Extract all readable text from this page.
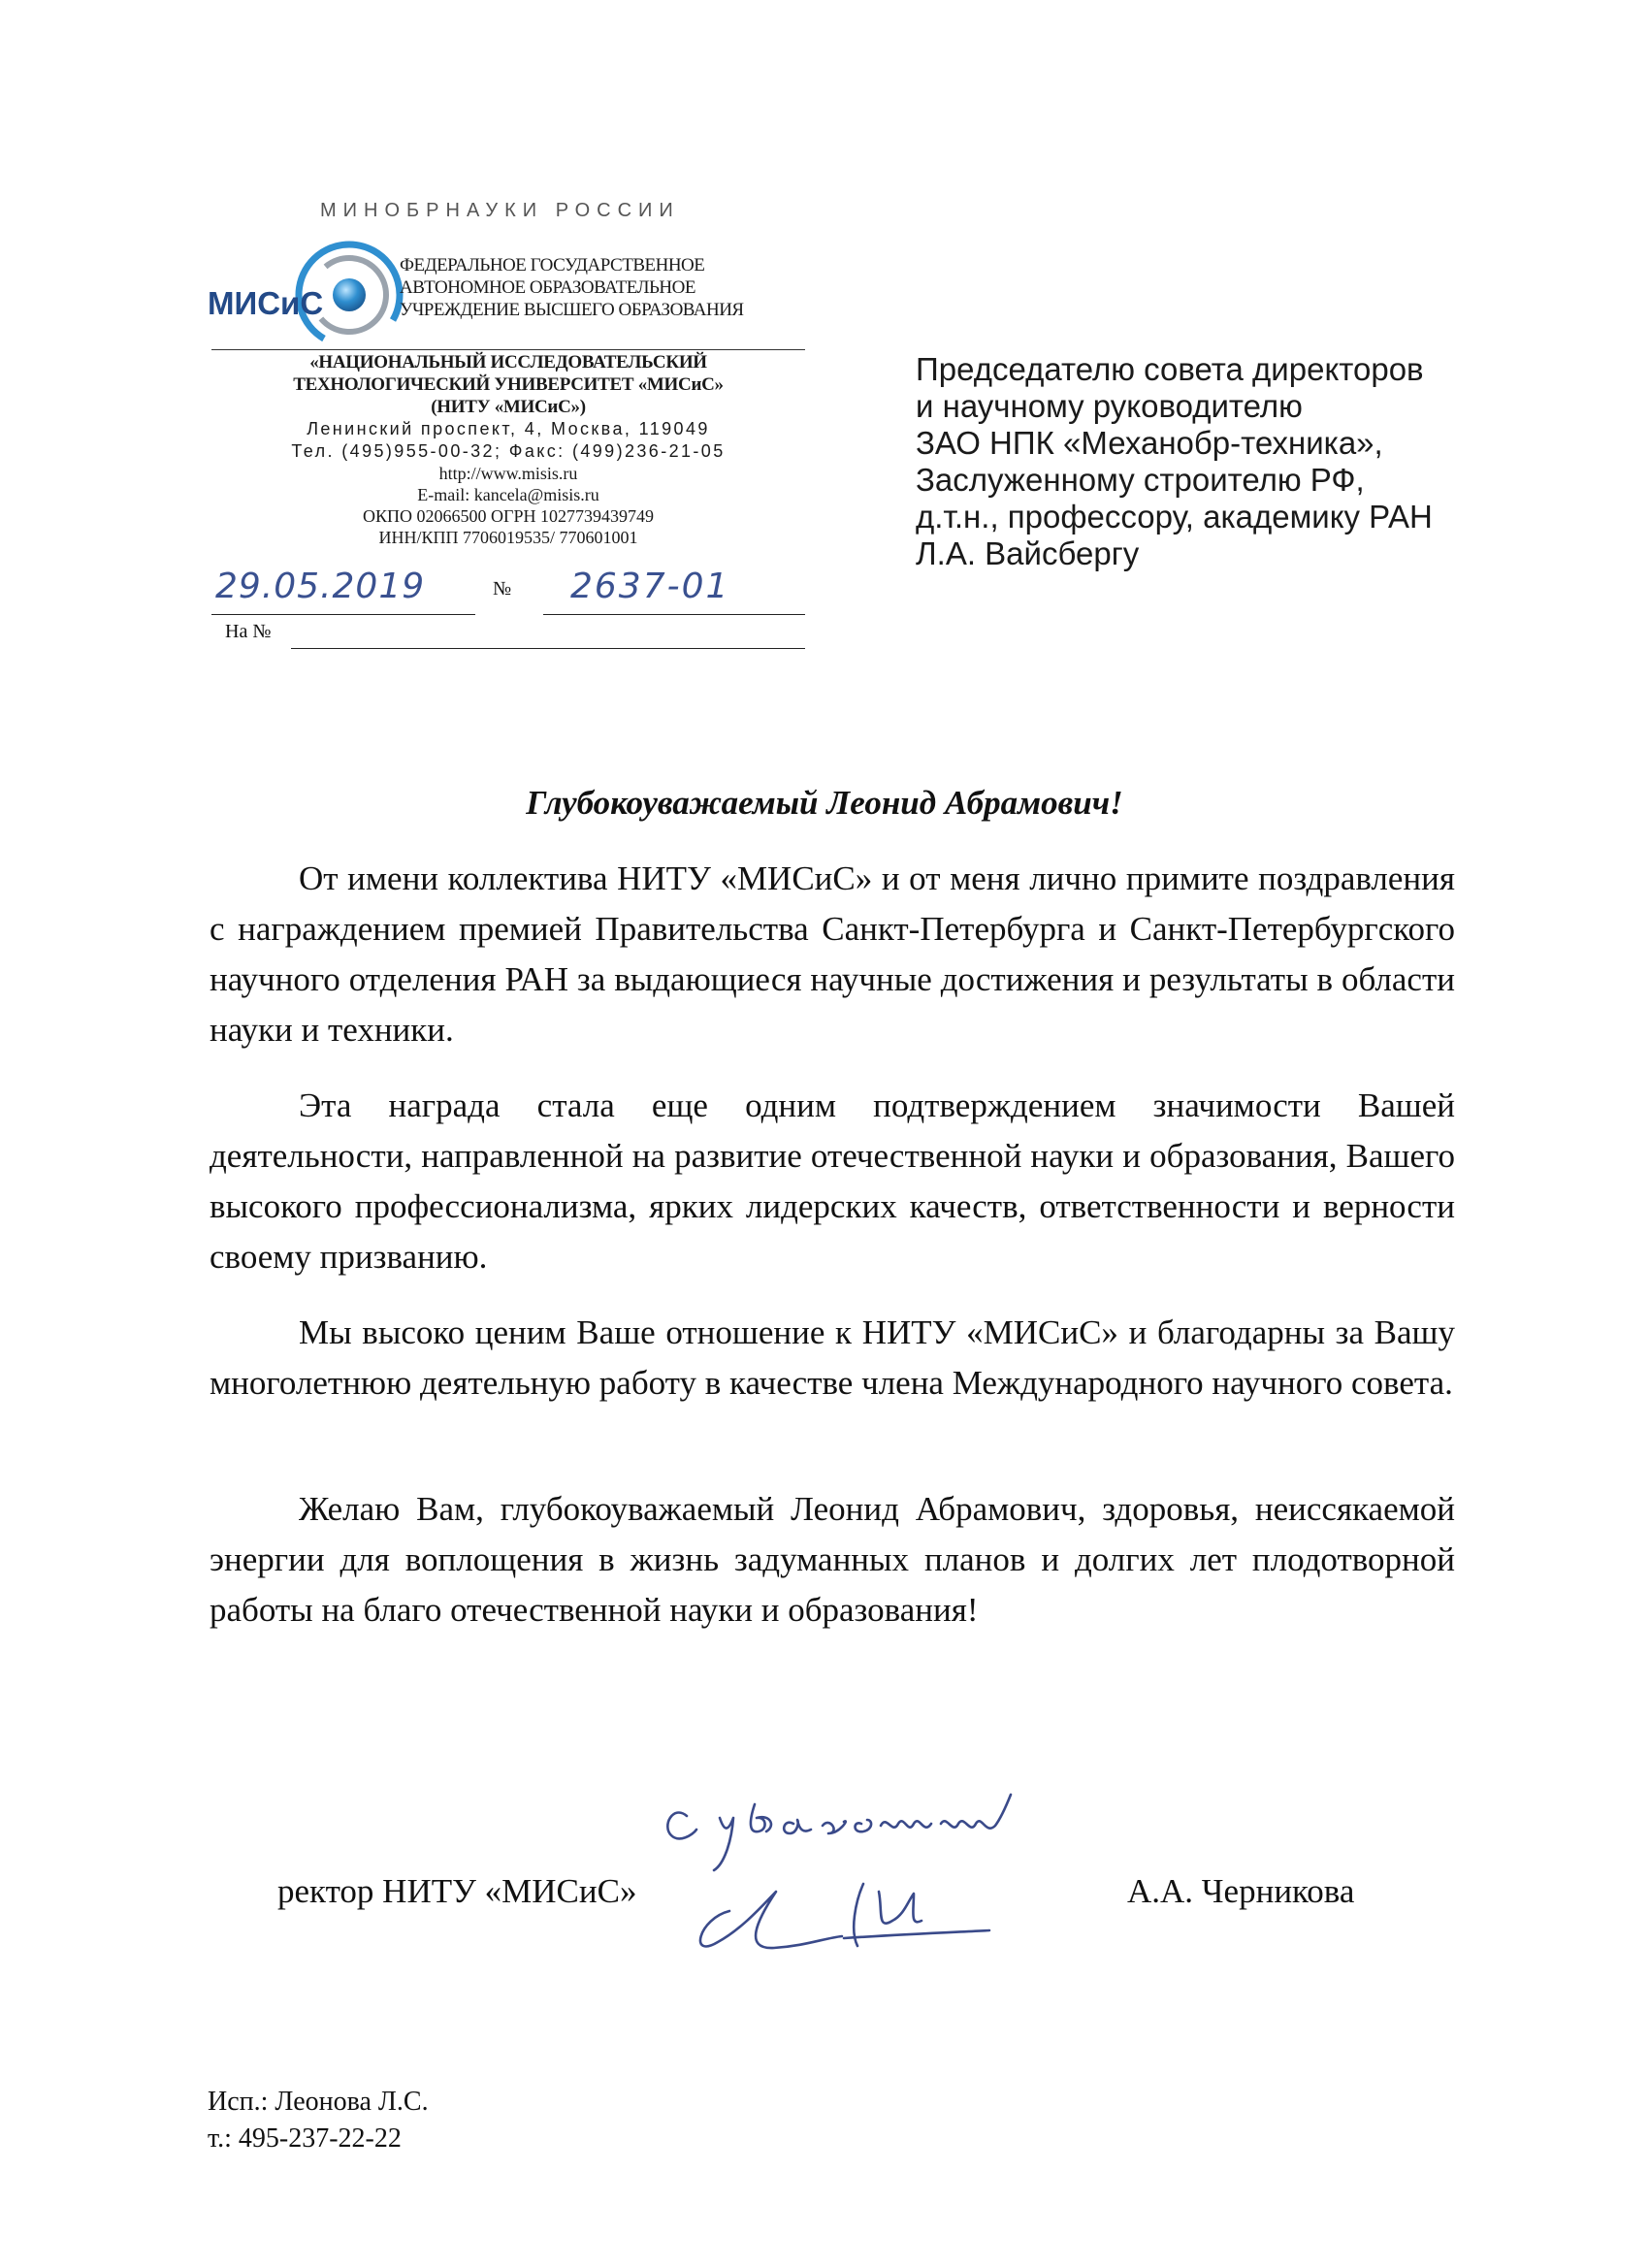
МИНОБРНАУКИ РОССИИ
МИСиС
ФЕДЕРАЛЬНОЕ ГОСУДАРСТВЕННОЕ
АВТОНОМНОЕ ОБРАЗОВАТЕЛЬНОЕ
УЧРЕЖДЕНИЕ ВЫСШЕГО ОБРАЗОВАНИЯ
«НАЦИОНАЛЬНЫЙ ИССЛЕДОВАТЕЛЬСКИЙ
ТЕХНОЛОГИЧЕСКИЙ УНИВЕРСИТЕТ «МИСиС»
(НИТУ «МИСиС»)
Ленинский проспект, 4, Москва, 119049
Тел. (495)955-00-32; Факс: (499)236-21-05
http://www.misis.ru
E-mail: kancela@misis.ru
ОКПО 02066500 ОГРН 1027739439749
ИНН/КПП 7706019535/ 770601001
29.05.2019	№ 2637-01
На №
Председателю совета директоров
и научному руководителю
ЗАО НПК «Механобр-техника»,
Заслуженному строителю РФ,
д.т.н., профессору, академику РАН
Л.А. Вайсбергу
Глубокоуважаемый Леонид Абрамович!
От имени коллектива НИТУ «МИСиС» и от меня лично примите поздравления с награждением премией Правительства Санкт-Петербурга и Санкт-Петербургского научного отделения РАН за выдающиеся научные достижения и результаты в области науки и техники.
Эта награда стала еще одним подтверждением значимости Вашей деятельности, направленной на развитие отечественной науки и образования, Вашего высокого профессионализма, ярких лидерских качеств, ответственности и верности своему призванию.
Мы высоко ценим Ваше отношение к НИТУ «МИСиС» и благодарны за Вашу многолетнюю деятельную работу в качестве члена Международного научного совета.
Желаю Вам, глубокоуважаемый Леонид Абрамович, здоровья, неиссякаемой энергии для воплощения в жизнь задуманных планов и долгих лет плодотворной работы на благо отечественной науки и образования!
ректор НИТУ «МИСиС»	А.А. Черникова
Исп.: Леонова Л.С.
т.: 495-237-22-22
